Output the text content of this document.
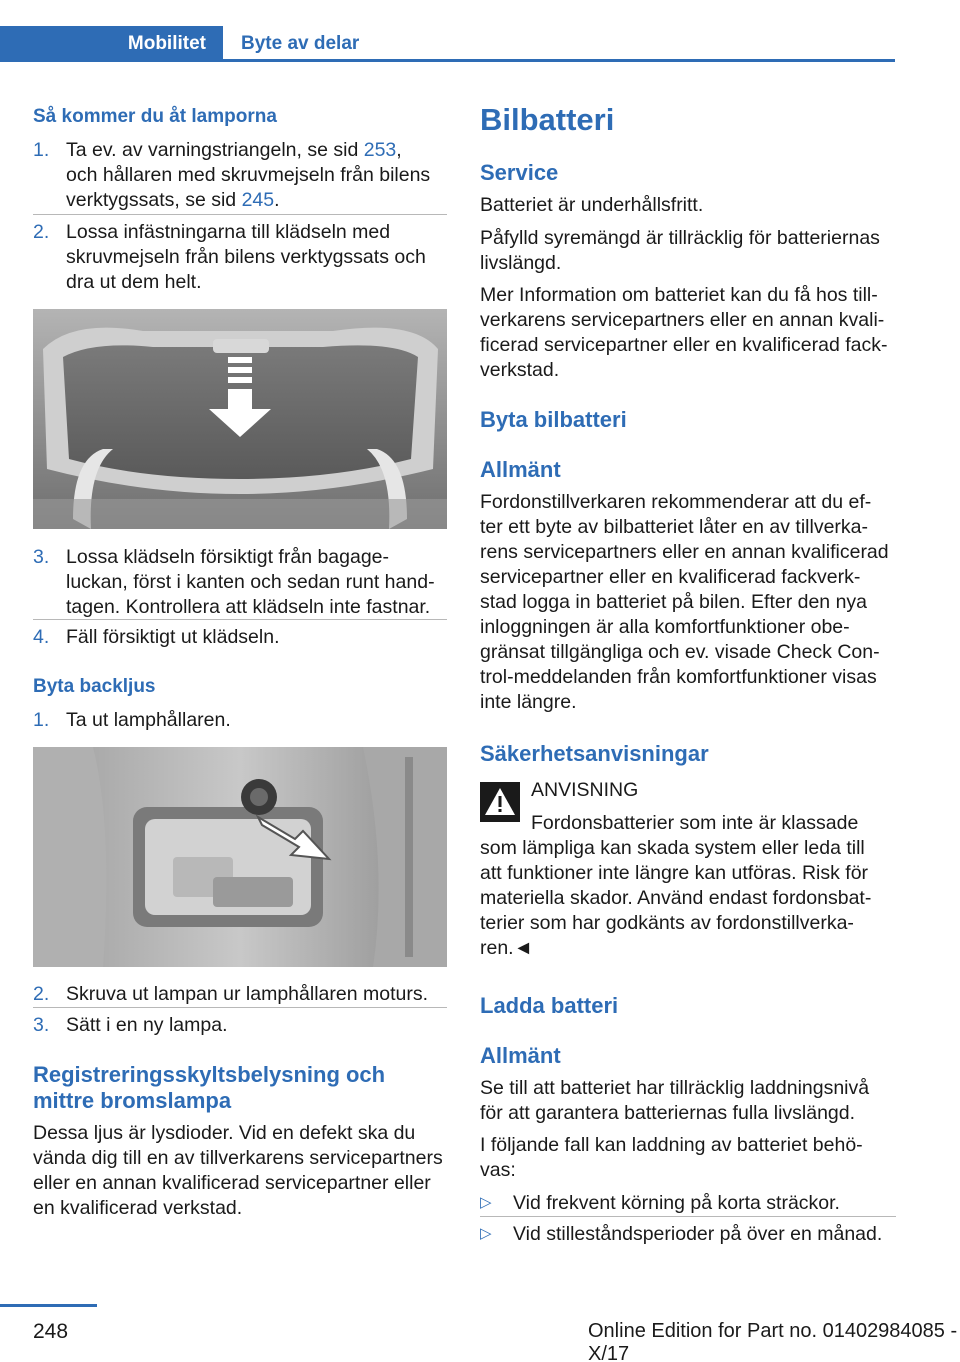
Mobilitet	Byte av delar
Så kommer du åt lamporna
1. Ta ev. av varningstriangeln, se sid 253,
och hållaren med skruvmejseln från bilens
verktygssats, se sid 245.
2. Lossa infästningarna till klädseln med
skruvmejseln från bilens verktygssats och
dra ut dem helt.
3. Lossa klädseln försiktigt från bagage-
luckan, först i kanten och sedan runt hand-
tagen. Kontrollera att klädseln inte fastnar.
4. Fäll försiktigt ut klädseln.
Byta backljus
1. Ta ut lamphållaren.
2. Skruva ut lampan ur lamphållaren moturs.
3. Sätt i en ny lampa.
Registreringsskyltsbelysning och
mittre bromslampa
Dessa ljus är lysdioder. Vid en defekt ska du
vända dig till en av tillverkarens servicepartners
eller en annan kvalificerad servicepartner eller
en kvalificerad verkstad.
Bilbatteri
Service
Batteriet är underhållsfritt.
Påfylld syremängd är tillräcklig för batteriernas
livslängd.
Mer Information om batteriet kan du få hos till-
verkarens servicepartners eller en annan kvali-
ficerad servicepartner eller en kvalificerad fack-
verkstad.
Byta bilbatteri
Allmänt
Fordonstillverkaren rekommenderar att du ef-
ter ett byte av bilbatteriet låter en av tillverka-
rens servicepartners eller en annan kvalificerad
servicepartner eller en kvalificerad fackverk-
stad logga in batteriet på bilen. Efter den nya
inloggningen är alla komfortfunktioner obe-
gränsat tillgängliga och ev. visade Check Con-
trol-meddelanden från komfortfunktioner visas
inte längre.
Säkerhetsanvisningar
ANVISNING
Fordonsbatterier som inte är klassade
som lämpliga kan skada system eller leda till
att funktioner inte längre kan utföras. Risk för
materiella skador. Använd endast fordonsbat-
terier som har godkänts av fordonstillverka-
ren.◄
Ladda batteri
Allmänt
Se till att batteriet har tillräcklig laddningsnivå
för att garantera batteriernas fulla livslängd.
I följande fall kan laddning av batteriet behö-
vas:
▷ Vid frekvent körning på korta sträckor.
▷ Vid stilleståndsperioder på över en månad.
248	Online Edition for Part no. 01402984085 - X/17
